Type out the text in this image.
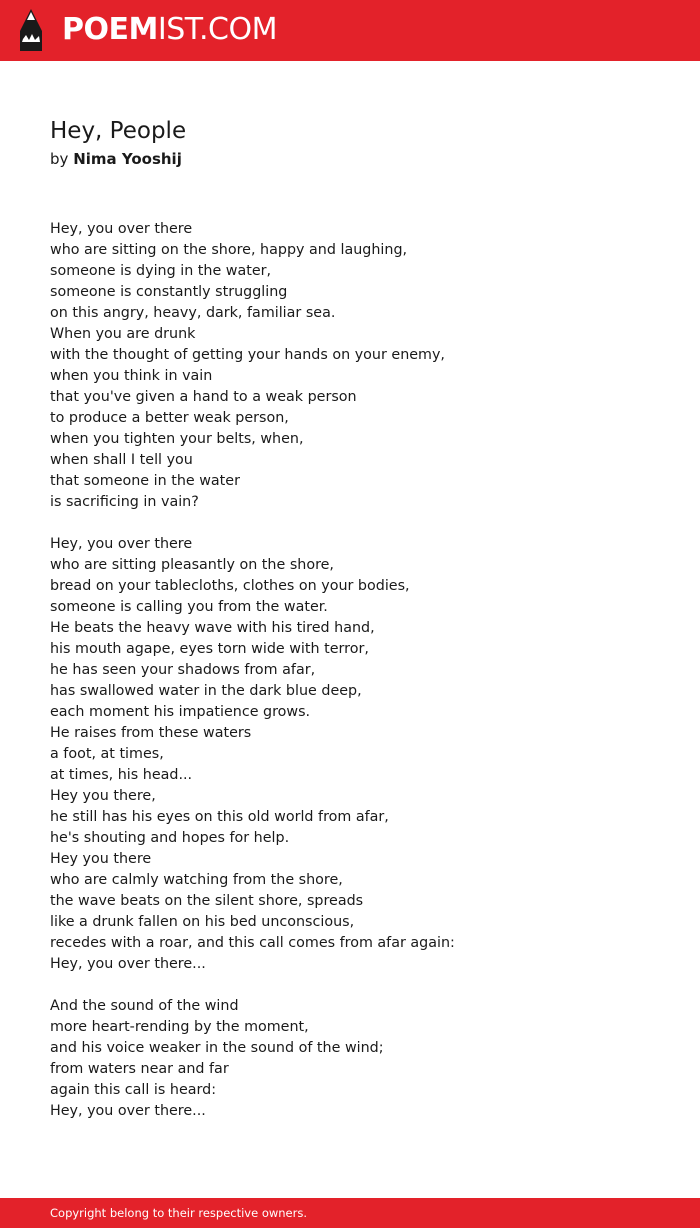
POEMIST.COM
Hey, People
by Nima Yooshij
Hey, you over there
who are sitting on the shore, happy and laughing,
someone is dying in the water,
someone is constantly struggling
on this angry, heavy, dark, familiar sea.
When you are drunk
with the thought of getting your hands on your enemy,
when you think in vain
that you've given a hand to a weak person
to produce a better weak person,
when you tighten your belts, when,
when shall I tell you
that someone in the water
is sacrificing in vain?
Hey, you over there
who are sitting pleasantly on the shore,
bread on your tablecloths, clothes on your bodies,
someone is calling you from the water.
He beats the heavy wave with his tired hand,
his mouth agape, eyes torn wide with terror,
he has seen your shadows from afar,
has swallowed water in the dark blue deep,
each moment his impatience grows.
He raises from these waters
a foot, at times,
at times, his head...
Hey you there,
he still has his eyes on this old world from afar,
he's shouting and hopes for help.
Hey you there
who are calmly watching from the shore,
the wave beats on the silent shore, spreads
like a drunk fallen on his bed unconscious,
recedes with a roar, and this call comes from afar again:
Hey, you over there...
And the sound of the wind
more heart-rending by the moment,
and his voice weaker in the sound of the wind;
from waters near and far
again this call is heard:
Hey, you over there...
Copyright belong to their respective owners.
